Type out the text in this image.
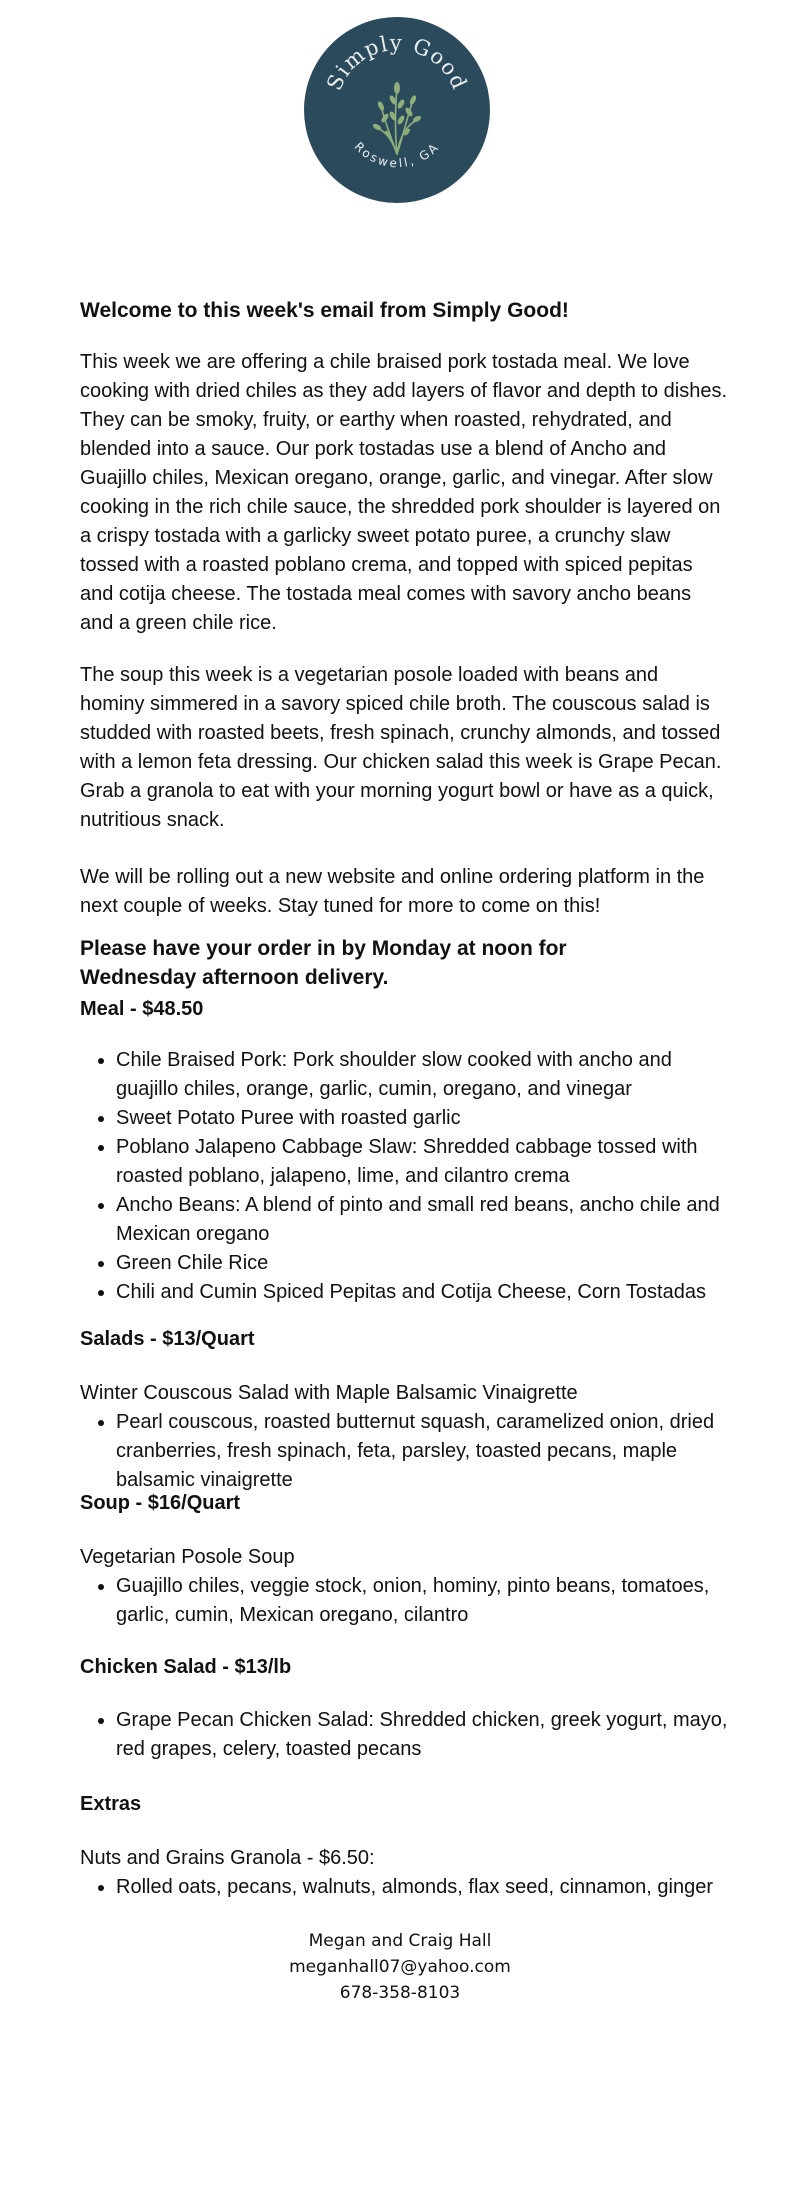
Simply Good
Roswell, GA

Welcome to this week's email from Simply Good!

This week we are offering a chile braised pork tostada meal. We love cooking with dried chiles as they add layers of flavor and depth to dishes. They can be smoky, fruity, or earthy when roasted, rehydrated, and blended into a sauce. Our pork tostadas use a blend of Ancho and Guajillo chiles, Mexican oregano, orange, garlic, and vinegar. After slow cooking in the rich chile sauce, the shredded pork shoulder is layered on a crispy tostada with a garlicky sweet potato puree, a crunchy slaw tossed with a roasted poblano crema, and topped with spiced pepitas and cotija cheese. The tostada meal comes with savory ancho beans and a green chile rice.

The soup this week is a vegetarian posole loaded with beans and hominy simmered in a savory spiced chile broth. The couscous salad is studded with roasted beets, fresh spinach, crunchy almonds, and tossed with a lemon feta dressing. Our chicken salad this week is Grape Pecan. Grab a granola to eat with your morning yogurt bowl or have as a quick, nutritious snack.

We will be rolling out a new website and online ordering platform in the next couple of weeks. Stay tuned for more to come on this!

Please have your order in by Monday at noon for
Wednesday afternoon delivery.

Meal - $48.50

• Chile Braised Pork: Pork shoulder slow cooked with ancho and guajillo chiles, orange, garlic, cumin, oregano, and vinegar
• Sweet Potato Puree with roasted garlic
• Poblano Jalapeno Cabbage Slaw: Shredded cabbage tossed with roasted poblano, jalapeno, lime, and cilantro crema
• Ancho Beans: A blend of pinto and small red beans, ancho chile and Mexican oregano
• Green Chile Rice
• Chili and Cumin Spiced Pepitas and Cotija Cheese, Corn Tostadas

Salads - $13/Quart

Winter Couscous Salad with Maple Balsamic Vinaigrette

• Pearl couscous, roasted butternut squash, caramelized onion, dried cranberries, fresh spinach, feta, parsley, toasted pecans, maple balsamic vinaigrette

Soup - $16/Quart

Vegetarian Posole Soup

• Guajillo chiles, veggie stock, onion, hominy, pinto beans, tomatoes, garlic, cumin, Mexican oregano, cilantro

Chicken Salad - $13/lb

• Grape Pecan Chicken Salad: Shredded chicken, greek yogurt, mayo, red grapes, celery, toasted pecans

Extras

Nuts and Grains Granola - $6.50:

• Rolled oats, pecans, walnuts, almonds, flax seed, cinnamon, ginger
Megan and Craig Hall
meganhall07@yahoo.com
678-358-8103
